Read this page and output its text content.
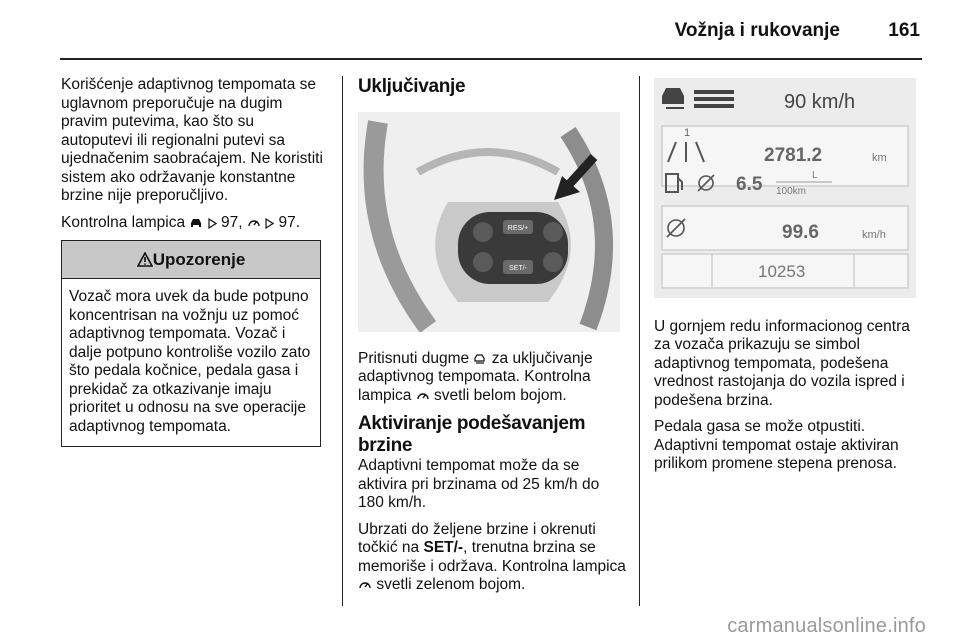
Vožnja i rukovanje	161

Korišćenje adaptivnog tempomata se uglavnom preporučuje na dugim pravim putevima, kao što su autoputevi ili regionalni putevi sa ujednačenim saobraćajem. Ne koristiti sistem ako održavanje konstantne brzine nije preporučljivo.

Kontrolna lampica 97, 97.

Upozorenje
Vozač mora uvek da bude potpuno koncentrisan na vožnju uz pomoć adaptivnog tempomata. Vozač i dalje potpuno kontroliše vozilo zato što pedala kočnice, pedala gasa i prekidač za otkazivanje imaju prioritet u odnosu na sve operacije adaptivnog tempomata.
Uključivanje
RES/+
SET/-

Pritisnuti dugme za uključivanje adaptivnog tempomata. Kontrolna lampica svetli belom bojom.

Aktiviranje podešavanjem brzine

Adaptivni tempomat može da se aktivira pri brzinama od 25 km/h do 180 km/h.

Ubrzati do željene brzine i okrenuti točkić na SET/-, trenutna brzina se memoriše i održava. Kontrolna lampica  svetli zelenom bojom.

90 km/h
1
2781.2	km
6.5	L
100km
99.6	km/h
10253

U gornjem redu informacionog centra za vozača prikazuju se simbol adaptivnog tempomata, podešena vrednost rastojanja do vozila ispred i podešena brzina.

Pedala gasa se može otpustiti. Adaptivni tempomat ostaje aktiviran prilikom promene stepena prenosa.

carmanualsonline.info
